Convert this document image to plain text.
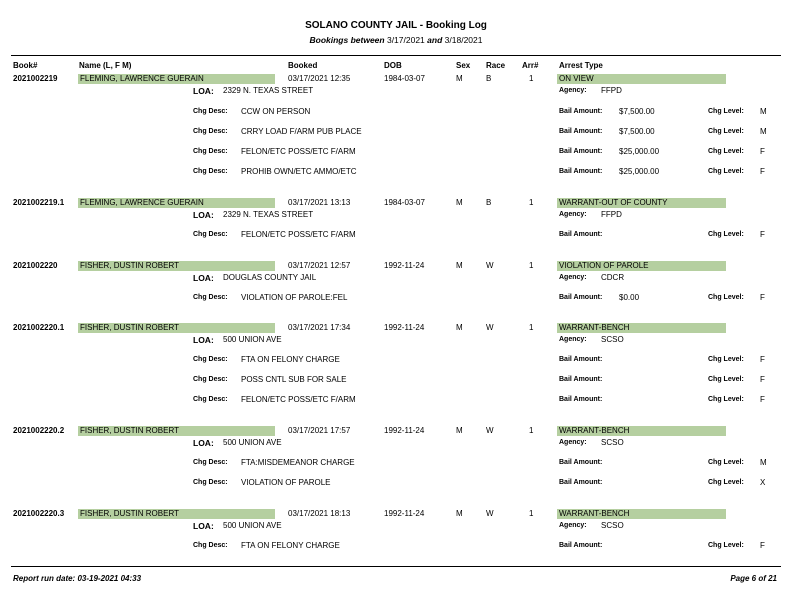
SOLANO COUNTY JAIL - Booking Log
Bookings between 3/17/2021 and 3/18/2021
Book#	Name (L, F M)	Booked	DOB	Sex Race Arr#	Arrest Type
2021002219	FLEMING, LAWRENCE GUERAIN	03/17/2021 12:35	1984-03-07	M	B	1	ON VIEW
LOA: 2329 N. TEXAS STREET	Agency: FFPD
Chg Desc: CCW ON PERSON	Bail Amount: $7,500.00	Chg Level: M
Chg Desc: CRRY LOAD F/ARM PUB PLACE	Bail Amount: $7,500.00	Chg Level: M
Chg Desc: FELON/ETC POSS/ETC F/ARM	Bail Amount: $25,000.00	Chg Level: F
Chg Desc: PROHIB OWN/ETC AMMO/ETC	Bail Amount: $25,000.00	Chg Level: F
2021002219.1 FLEMING, LAWRENCE GUERAIN	03/17/2021 13:13	1984-03-07	M	B	1	WARRANT-OUT OF COUNTY
LOA: 2329 N. TEXAS STREET	Agency: FFPD
Chg Desc: FELON/ETC POSS/ETC F/ARM	Bail Amount:	Chg Level: F
2021002220	FISHER, DUSTIN ROBERT	03/17/2021 12:57	1992-11-24	M	W	1	VIOLATION OF PAROLE
LOA: DOUGLAS COUNTY JAIL	Agency: CDCR
Chg Desc: VIOLATION OF PAROLE:FEL	Bail Amount: $0.00	Chg Level: F
2021002220.1 FISHER, DUSTIN ROBERT	03/17/2021 17:34	1992-11-24	M	W	1	WARRANT-BENCH
LOA: 500 UNION AVE	Agency: SCSO
Chg Desc: FTA ON FELONY CHARGE	Bail Amount:	Chg Level: F
Chg Desc: POSS CNTL SUB FOR SALE	Bail Amount:	Chg Level: F
Chg Desc: FELON/ETC POSS/ETC F/ARM	Bail Amount:	Chg Level: F
2021002220.2 FISHER, DUSTIN ROBERT	03/17/2021 17:57	1992-11-24	M	W	1	WARRANT-BENCH
LOA: 500 UNION AVE	Agency: SCSO
Chg Desc: FTA:MISDEMEANOR CHARGE	Bail Amount:	Chg Level: M
Chg Desc: VIOLATION OF PAROLE	Bail Amount:	Chg Level: X
2021002220.3 FISHER, DUSTIN ROBERT	03/17/2021 18:13	1992-11-24	M	W	1	WARRANT-BENCH
LOA: 500 UNION AVE	Agency: SCSO
Chg Desc: FTA ON FELONY CHARGE	Bail Amount:	Chg Level: F
Report run date: 03-19-2021 04:33	Page 6 of 21
